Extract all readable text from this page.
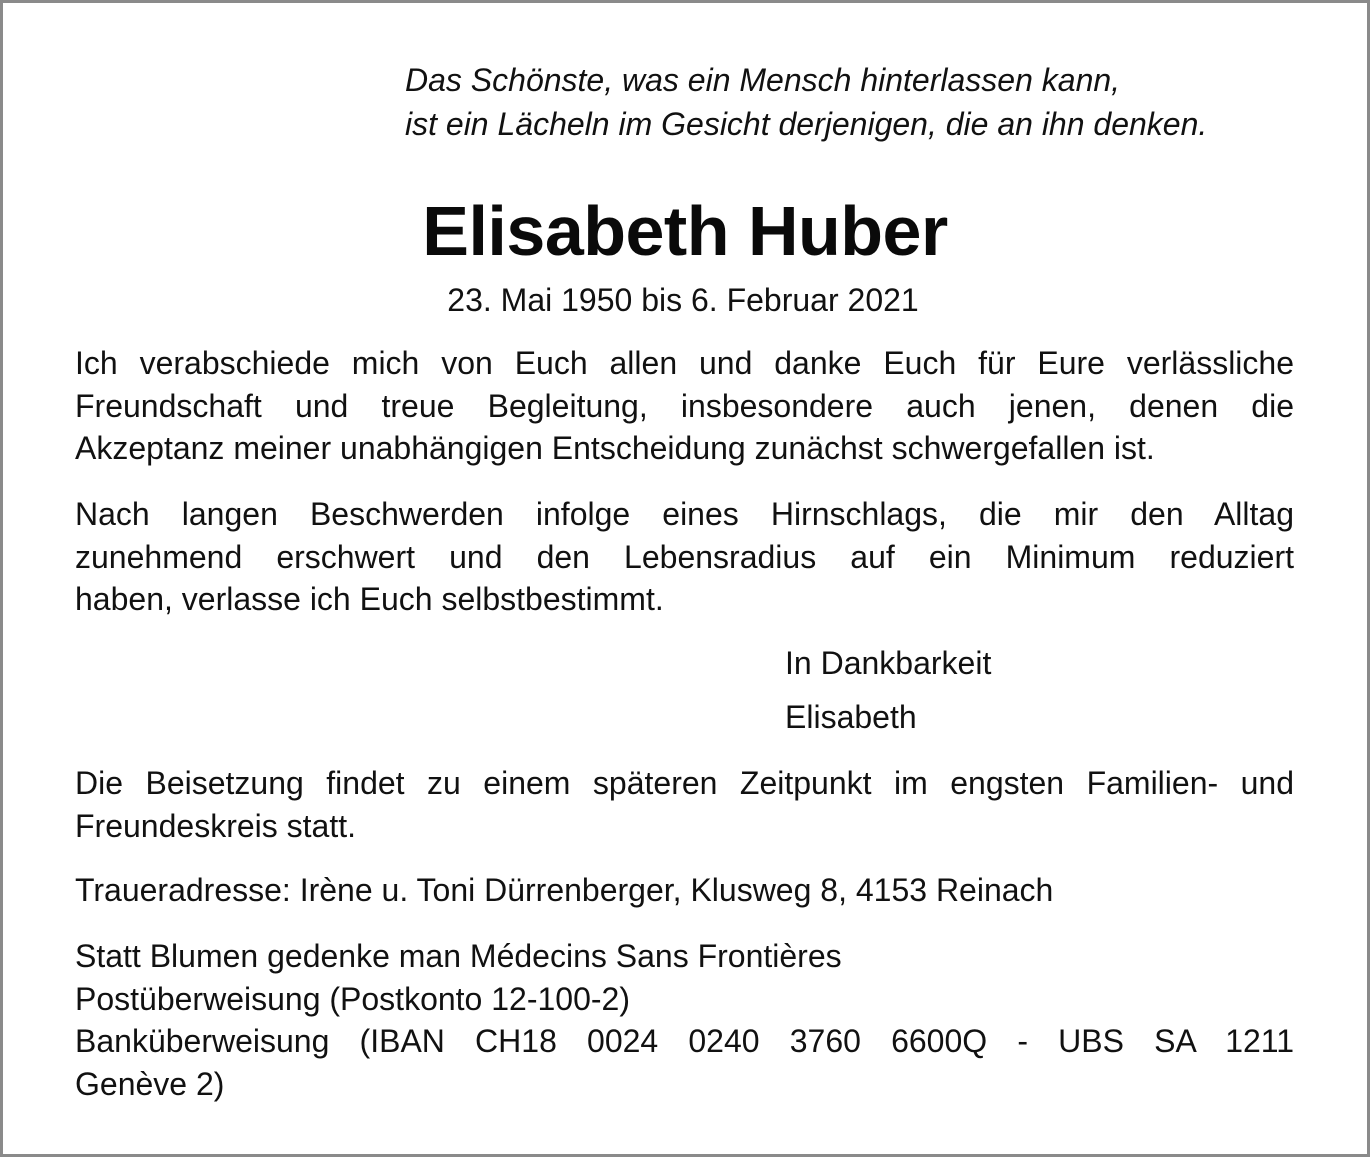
Das Schönste, was ein Mensch hinterlassen kann,
ist ein Lächeln im Gesicht derjenigen, die an ihn denken.
Elisabeth Huber
23. Mai 1950 bis 6. Februar 2021
Ich verabschiede mich von Euch allen und danke Euch für Eure verlässliche
Freundschaft und treue Begleitung, insbesondere auch jenen, denen die
Akzeptanz meiner unabhängigen Entscheidung zunächst schwergefallen ist.
Nach langen Beschwerden infolge eines Hirnschlags, die mir den Alltag
zunehmend erschwert und den Lebensradius auf ein Minimum reduziert
haben, verlasse ich Euch selbstbestimmt.
In Dankbarkeit
Elisabeth
Die Beisetzung findet zu einem späteren Zeitpunkt im engsten Familien- und
Freundeskreis statt.
Traueradresse: Irène u. Toni Dürrenberger, Klusweg 8, 4153 Reinach
Statt Blumen gedenke man Médecins Sans Frontières
Postüberweisung (Postkonto 12-100-2)
Banküberweisung (IBAN CH18 0024 0240 3760 6600Q - UBS SA 1211
Genève 2)
